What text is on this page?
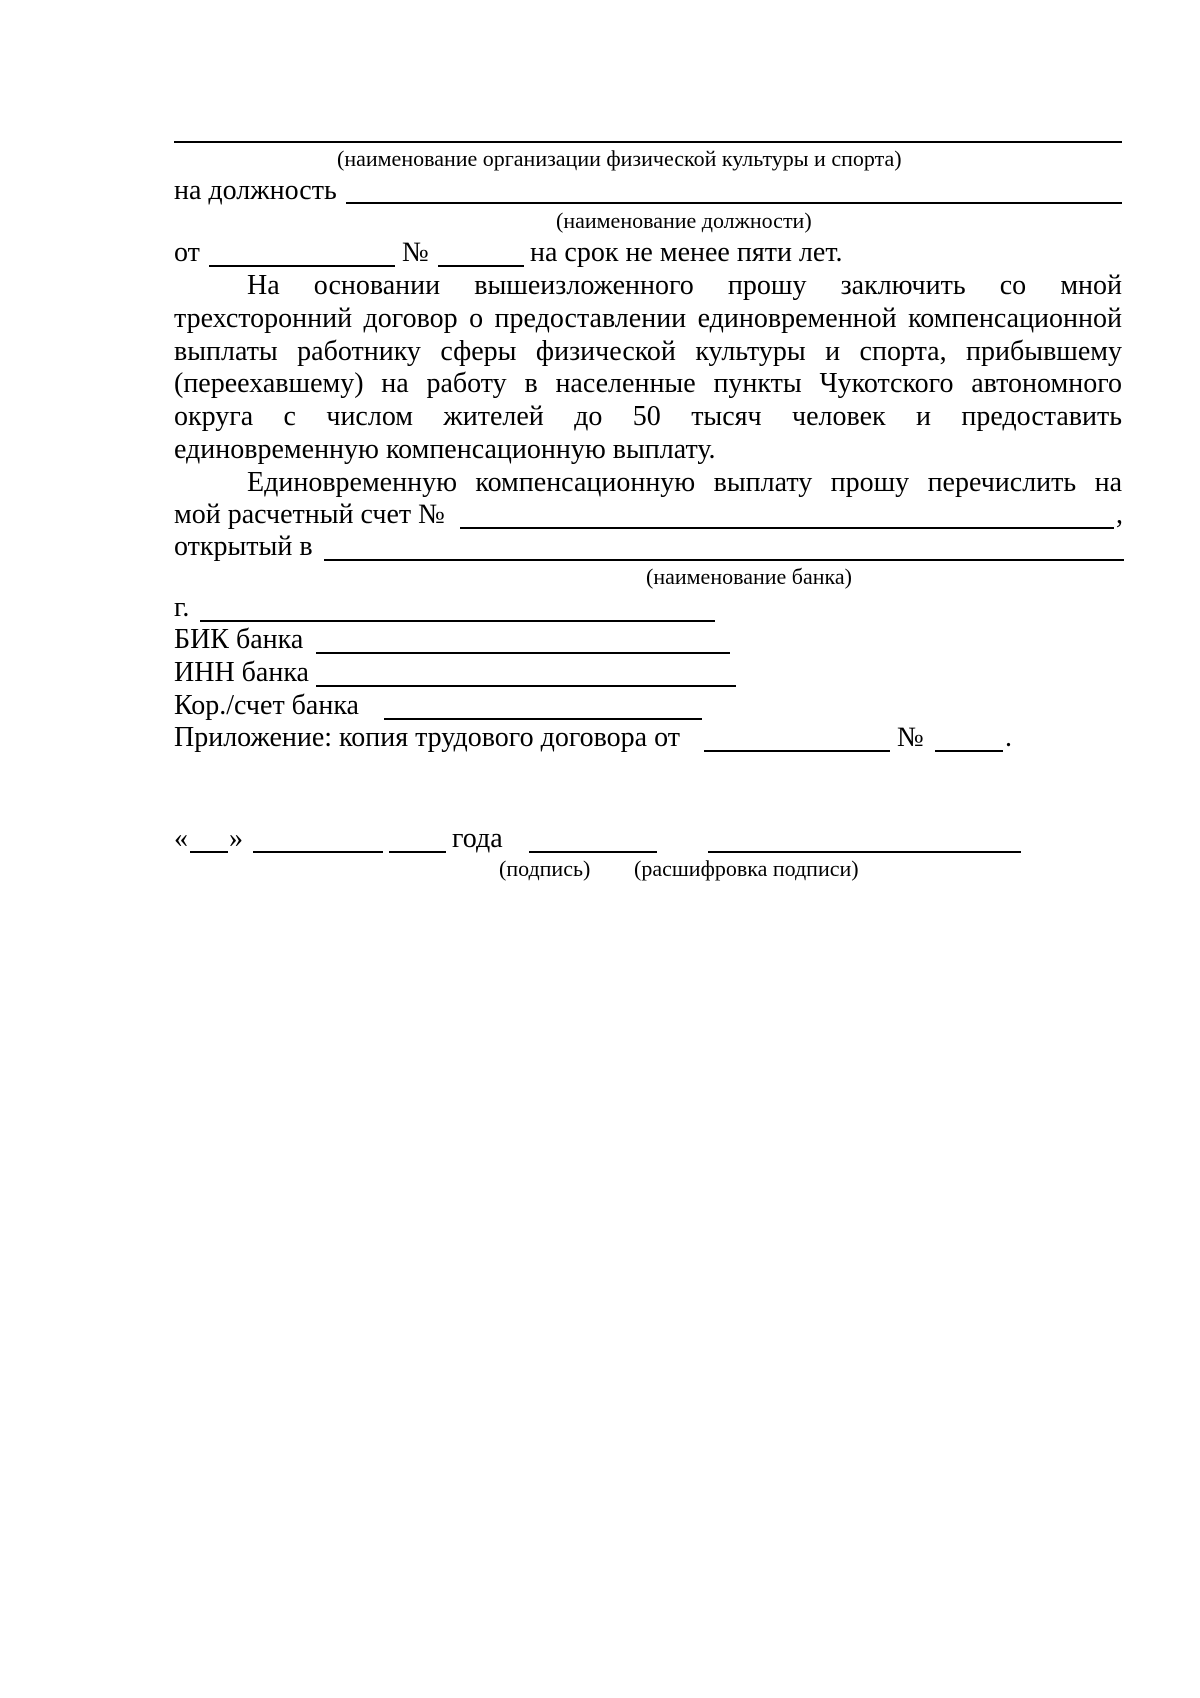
(наименование организации физической культуры и спорта)
на должность
(наименование должности)
от	№	на срок не менее пяти лет.
На основании вышеизложенного прошу заключить со мной
трехсторонний договор о предоставлении единовременной компенсационной
выплаты работнику сферы физической культуры и спорта, прибывшему
(переехавшему) на работу в населенные пункты Чукотского автономного
округа с числом жителей до 50 тысяч человек и предоставить
единовременную компенсационную выплату.
Единовременную компенсационную выплату прошу перечислить на
мой расчетный счет №	,
открытый в
(наименование банка)
г.
БИК банка
ИНН банка
Кор./счет банка
Приложение: копия трудового договора от	№	.
« »	года
(подпись) (расшифровка подписи)
